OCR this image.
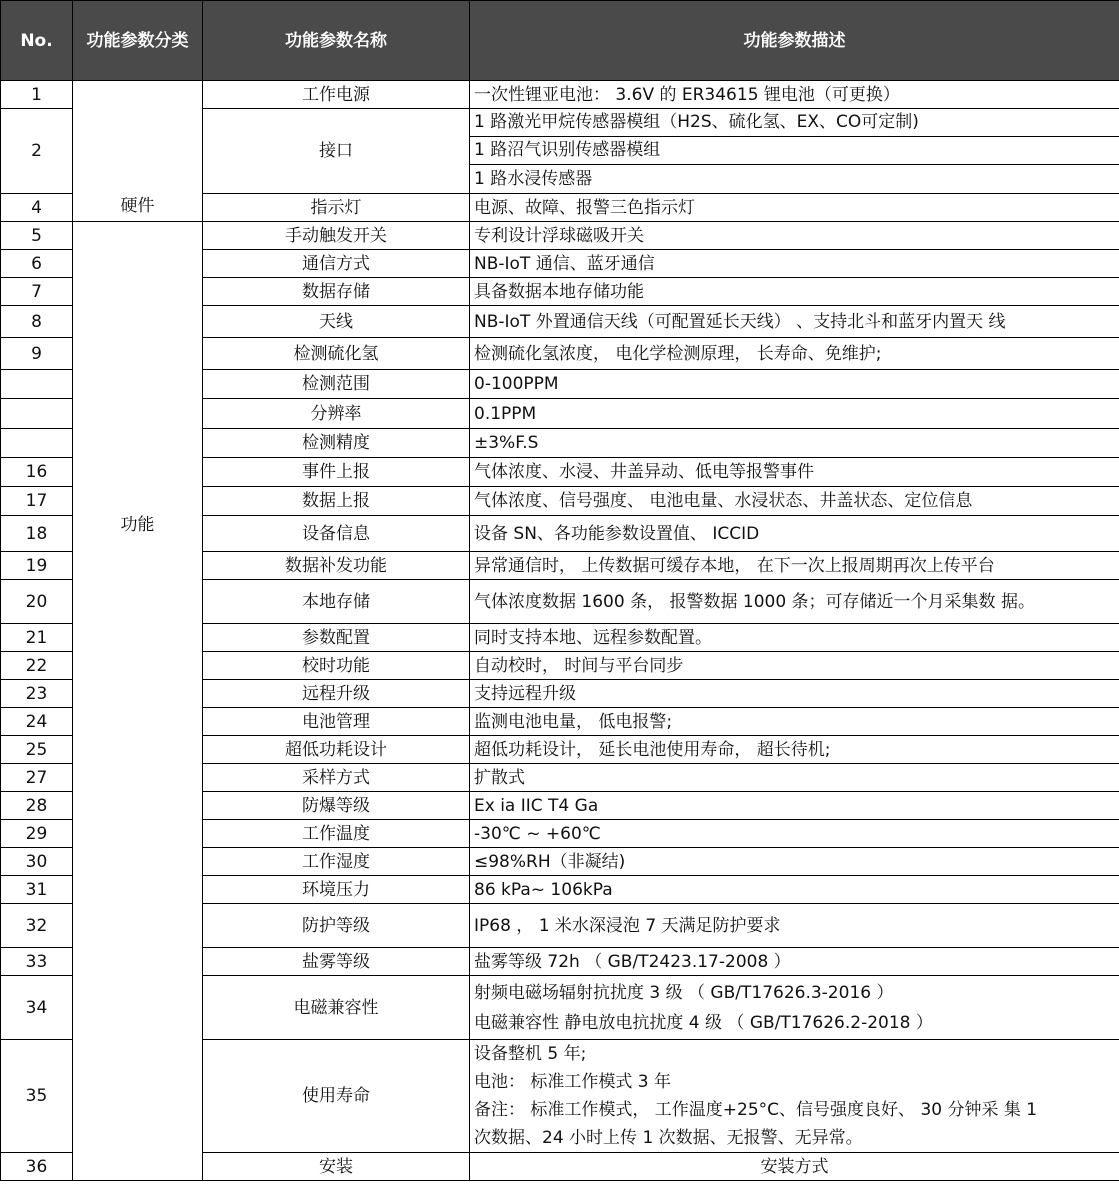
No.	功能参数分类	功能参数名称	功能参数描述	
1	硬件	工作电源	一次性锂亚电池： 3.6V 的 ER34615 锂电池（可更换）	
2		接口	1 路激光甲烷传感器模组（H2S、硫化氢、EX、CO可定制)
1 路沼气识别传感器模组
1 路水浸传感器	

4		指示灯	电源、故障、报警三色指示灯	
5	功能	手动触发开关	专利设计浮球磁吸开关	
6		通信方式	NB-IoT 通信、蓝牙通信	
7		数据存储	具备数据本地存储功能	
8		天线	NB-IoT 外置通信天线（可配置延长天线） 、支持北斗和蓝牙内置天 线	
9		检测硫化氢	检测硫化氢浓度， 电化学检测原理， 长寿命、免维护;	
		检测范围	0-100PPM	
		分辨率	0.1PPM	
		检测精度	±3%F.S	
16		事件上报	气体浓度、水浸、井盖异动、低电等报警事件	
17		数据上报	气体浓度、信号强度、 电池电量、水浸状态、井盖状态、定位信息	
18		设备信息	设备 SN、各功能参数设置值、 ICCID	
19		数据补发功能	异常通信时， 上传数据可缓存本地， 在下一次上报周期再次上传平台	
20		本地存储	气体浓度数据 1600 条， 报警数据 1000 条；可存储近一个月采集数 据。	
21		参数配置	同时支持本地、远程参数配置。	
22		校时功能	自动校时， 时间与平台同步	
23		远程升级	支持远程升级	
24		电池管理	监测电池电量， 低电报警;	
25		超低功耗设计	超低功耗设计， 延长电池使用寿命， 超长待机;	
27		采样方式	扩散式	
28		防爆等级	Ex ia IIC T4 Ga	
29		工作温度	-30℃ ~ +60℃	
30		工作湿度	≤98%RH（非凝结)	
31		环境压力	86 kPa~ 106kPa	
32		防护等级	IP68 ， 1 米水深浸泡 7 天满足防护要求	
33		盐雾等级	盐雾等级 72h （ GB/T2423.17-2008 ）	
34		电磁兼容性	射频电磁场辐射抗扰度 3 级 （ GB/T17626.3-2016 ）
电磁兼容性 静电放电抗扰度 4 级 （ GB/T17626.2-2018 ）	

35		使用寿命	设备整机 5 年;
电池： 标准工作模式 3 年
备注： 标准工作模式， 工作温度+25°C、信号强度良好、 30 分钟采 集 1
次数据、24 小时上传 1 次数据、无报警、无异常。	

36		安装	安装方式	
